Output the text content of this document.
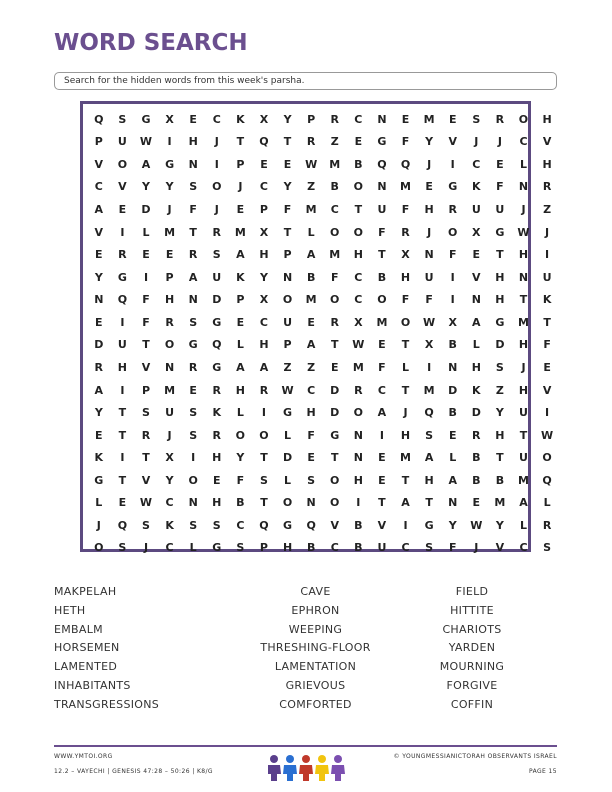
WORD SEARCH
Search for the hidden words from this week's parsha.
Q	S	G	X	E	C	K	X	Y	P	R	C	N	E	M	E	S	R	O	H
P	U	W	I	H	J	T	Q	T	R	Z	E	G	F	Y	V	J	J	C	V
V	O	A	G	N	I	P	E	E	W	M	B	Q	Q	J	I	C	E	L	H
C	V	Y	Y	S	O	J	C	Y	Z	B	O	N	M	E	G	K	F	N	R
A	E	D	J	F	J	E	P	F	M	C	T	U	F	H	R	U	U	J	Z
V	I	L	M	T	R	M	X	T	L	O	O	F	R	J	O	X	G	W	J
E	R	E	E	R	S	A	H	P	A	M	H	T	X	N	F	E	T	H	I
Y	G	I	P	A	U	K	Y	N	B	F	C	B	H	U	I	V	H	N	U
N	Q	F	H	N	D	P	X	O	M	O	C	O	F	F	I	N	H	T	K
E	I	F	R	S	G	E	C	U	E	R	X	M	O	W	X	A	G	M	T
D	U	T	O	G	Q	L	H	P	A	T	W	E	T	X	B	L	D	H	F
R	H	V	N	R	G	A	A	Z	Z	E	M	F	L	I	N	H	S	J	E
A	I	P	M	E	R	H	R	W	C	D	R	C	T	M	D	K	Z	H	V
Y	T	S	U	S	K	L	I	G	H	D	O	A	J	Q	B	D	Y	U	I
E	T	R	J	S	R	O	O	L	F	G	N	I	H	S	E	R	H	T	W
K	I	T	X	I	H	Y	T	D	E	T	N	E	M	A	L	B	T	U	O
G	T	V	Y	O	E	F	S	L	S	O	H	E	T	H	A	B	B	M	Q
L	E	W	C	N	H	B	T	O	N	O	I	T	A	T	N	E	M	A	L
J	Q	S	K	S	S	C	Q	G	Q	V	B	V	I	G	Y	W	Y	L	R
O	S	J	C	L	G	S	P	H	B	C	B	U	C	S	F	J	V	C	S
MAKPELAH	CAVE	FIELD
HETH	EPHRON	HITTITE
EMBALM	WEEPING	CHARIOTS
HORSEMEN	THRESHING-FLOOR	YARDEN
LAMENTED	LAMENTATION	MOURNING
INHABITANTS	GRIEVOUS	FORGIVE
TRANSGRESSIONS	COMFORTED	COFFIN
WWW.YMTOI.ORG
12.2 – VAYECHI | GENESIS 47:28 – 50:26 | K8/G
© YOUNGMESSIANICTORAH OBSERVANTS ISRAEL
PAGE 15
